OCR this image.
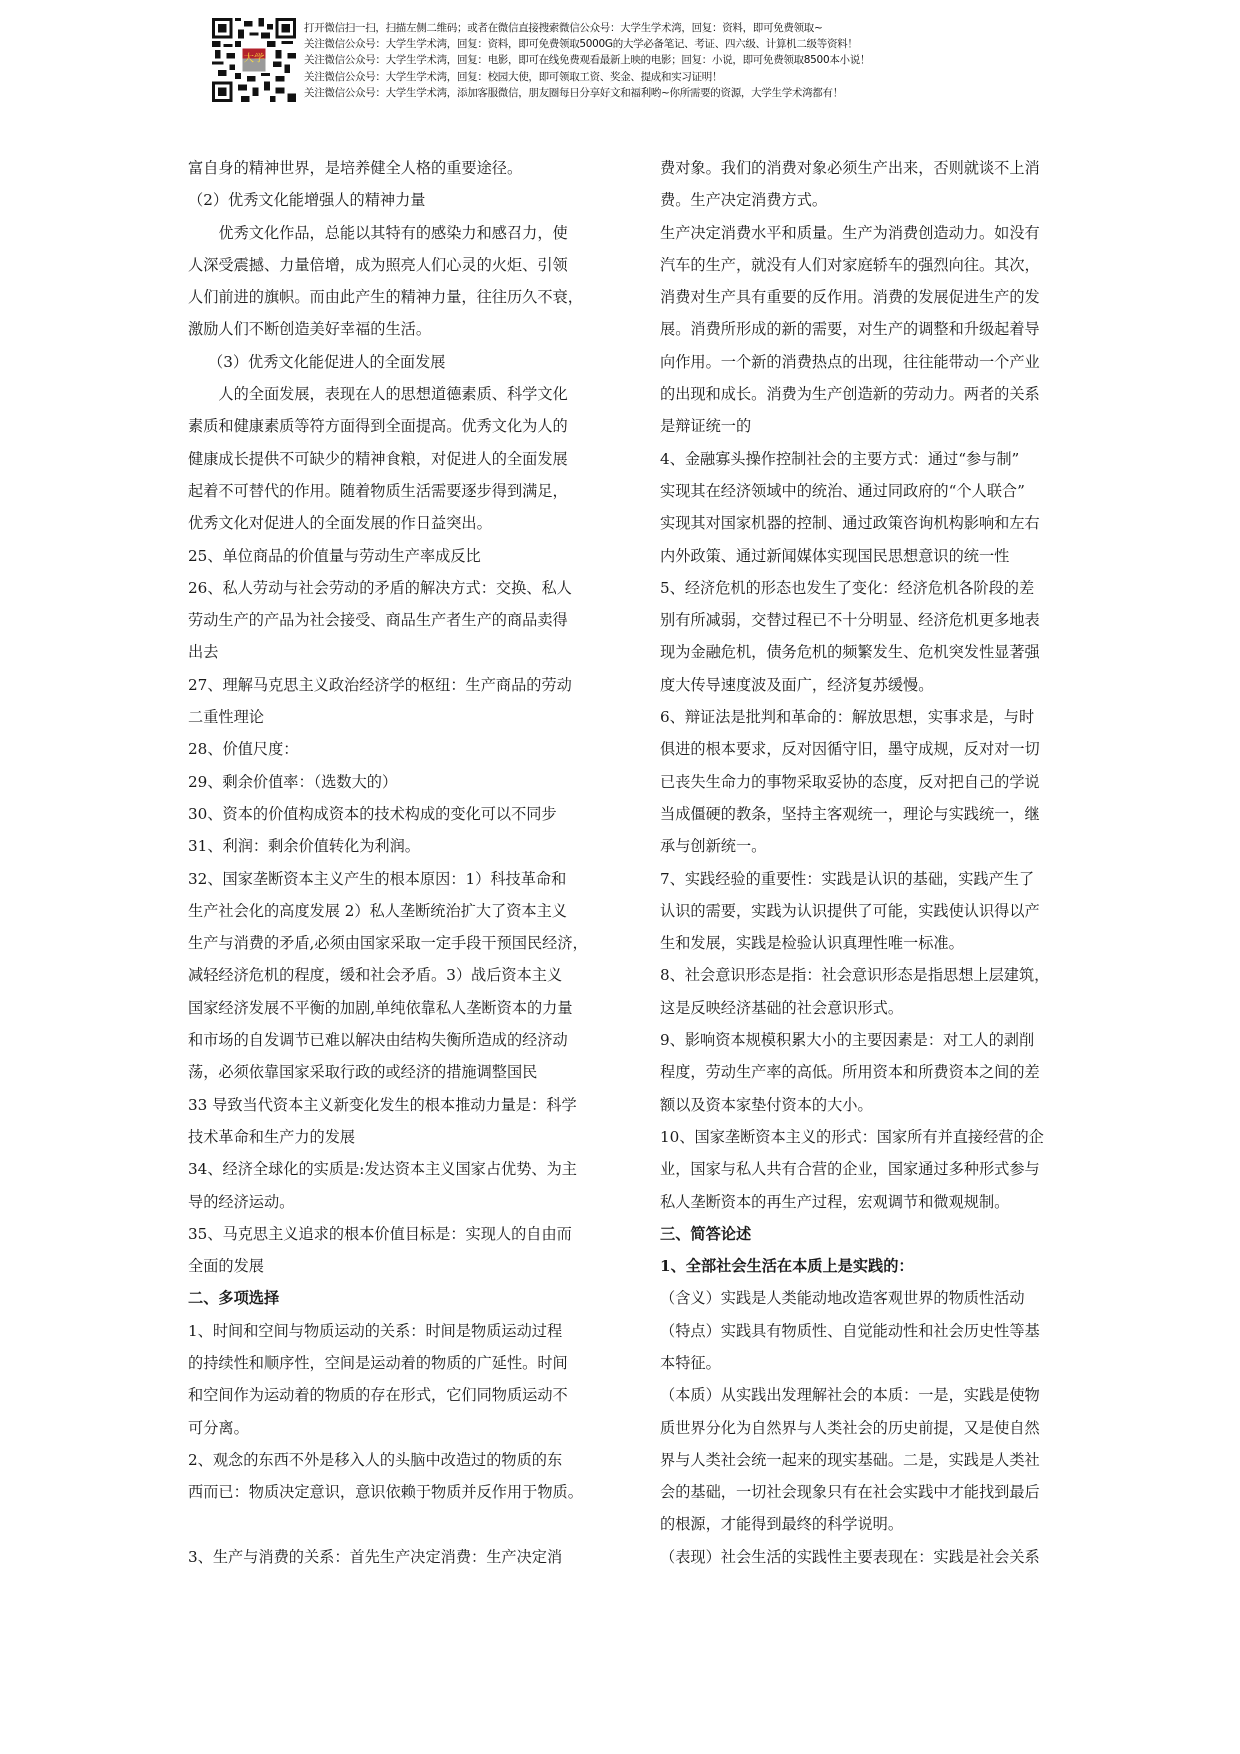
大学
打开微信扫一扫，扫描左侧二维码；或者在微信直接搜索微信公众号：大学生学术湾，回复：资料，即可免费领取~
关注微信公众号：大学生学术湾，回复：资料，即可免费领取5000G的大学必备笔记、考证、四六级、计算机二级等资料！
关注微信公众号：大学生学术湾，回复：电影，即可在线免费观看最新上映的电影；回复：小说，即可免费领取8500本小说！
关注微信公众号：大学生学术湾，回复：校园大使，即可领取工资、奖金、提成和实习证明！
关注微信公众号：大学生学术湾，添加客服微信，朋友圈每日分享好文和福利哟~你所需要的资源，大学生学术湾都有！
富自身的精神世界，是培养健全人格的重要途径。
（2）优秀文化能增强人的精神力量
　　优秀文化作品，总能以其特有的感染力和感召力，使
人深受震撼、力量倍增，成为照亮人们心灵的火炬、引领
人们前进的旗帜。而由此产生的精神力量，往往历久不衰，
激励人们不断创造美好幸福的生活。
　 （3）优秀文化能促进人的全面发展
　　人的全面发展，表现在人的思想道德素质、科学文化
素质和健康素质等符方面得到全面提高。优秀文化为人的
健康成长提供不可缺少的精神食粮，对促进人的全面发展
起着不可替代的作用。随着物质生活需要逐步得到满足，
优秀文化对促进人的全面发展的作日益突出。
25、单位商品的价值量与劳动生产率成反比
26、私人劳动与社会劳动的矛盾的解决方式：交换、私人
劳动生产的产品为社会接受、商品生产者生产的商品卖得
出去
27、理解马克思主义政治经济学的枢纽：生产商品的劳动
二重性理论
28、价值尺度：
29、剩余价值率：（选数大的）
30、资本的价值构成资本的技术构成的变化可以不同步
31、利润：剩余价值转化为利润。
32、国家垄断资本主义产生的根本原因：1）科技革命和
生产社会化的高度发展 2）私人垄断统治扩大了资本主义
生产与消费的矛盾,必须由国家采取一定手段干预国民经济，
减轻经济危机的程度，缓和社会矛盾。3）战后资本主义
国家经济发展不平衡的加剧,单纯依靠私人垄断资本的力量
和市场的自发调节已难以解决由结构失衡所造成的经济动
荡，必须依靠国家采取行政的或经济的措施调整国民
33 导致当代资本主义新变化发生的根本推动力量是：科学
技术革命和生产力的发展
34、经济全球化的实质是:发达资本主义国家占优势、为主
导的经济运动。
35、马克思主义追求的根本价值目标是：实现人的自由而
全面的发展
二、多项选择
1、时间和空间与物质运动的关系：时间是物质运动过程
的持续性和顺序性，空间是运动着的物质的广延性。时间
和空间作为运动着的物质的存在形式，它们同物质运动不
可分离。
2、观念的东西不外是移入人的头脑中改造过的物质的东
西而已：物质决定意识，意识依赖于物质并反作用于物质。
3、生产与消费的关系：首先生产决定消费：生产决定消
费对象。我们的消费对象必须生产出来，否则就谈不上消
费。生产决定消费方式。
生产决定消费水平和质量。生产为消费创造动力。如没有
汽车的生产，就没有人们对家庭轿车的强烈向往。其次，
消费对生产具有重要的反作用。消费的发展促进生产的发
展。消费所形成的新的需要，对生产的调整和升级起着导
向作用。一个新的消费热点的出现，往往能带动一个产业
的出现和成长。消费为生产创造新的劳动力。两者的关系
是辩证统一的
4、金融寡头操作控制社会的主要方式：通过“参与制”
实现其在经济领域中的统治、通过同政府的“个人联合”
实现其对国家机器的控制、通过政策咨询机构影响和左右
内外政策、通过新闻媒体实现国民思想意识的统一性
5、经济危机的形态也发生了变化：经济危机各阶段的差
别有所减弱，交替过程已不十分明显、经济危机更多地表
现为金融危机，债务危机的频繁发生、危机突发性显著强
度大传导速度波及面广，经济复苏缓慢。
6、辩证法是批判和革命的：解放思想，实事求是，与时
俱进的根本要求，反对因循守旧，墨守成规，反对对一切
已丧失生命力的事物采取妥协的态度，反对把自己的学说
当成僵硬的教条，坚持主客观统一，理论与实践统一，继
承与创新统一。
7、实践经验的重要性：实践是认识的基础，实践产生了
认识的需要，实践为认识提供了可能，实践使认识得以产
生和发展，实践是检验认识真理性唯一标准。
8、社会意识形态是指：社会意识形态是指思想上层建筑，
这是反映经济基础的社会意识形式。
9、影响资本规模积累大小的主要因素是：对工人的剥削
程度，劳动生产率的高低。所用资本和所费资本之间的差
额以及资本家垫付资本的大小。
10、国家垄断资本主义的形式：国家所有并直接经营的企
业，国家与私人共有合营的企业，国家通过多种形式参与
私人垄断资本的再生产过程，宏观调节和微观规制。
三、简答论述
1、全部社会生活在本质上是实践的：
（含义）实践是人类能动地改造客观世界的物质性活动
（特点）实践具有物质性、自觉能动性和社会历史性等基
本特征。
（本质）从实践出发理解社会的本质：一是，实践是使物
质世界分化为自然界与人类社会的历史前提，又是使自然
界与人类社会统一起来的现实基础。二是，实践是人类社
会的基础，一切社会现象只有在社会实践中才能找到最后
的根源，才能得到最终的科学说明。
（表现）社会生活的实践性主要表现在：实践是社会关系
